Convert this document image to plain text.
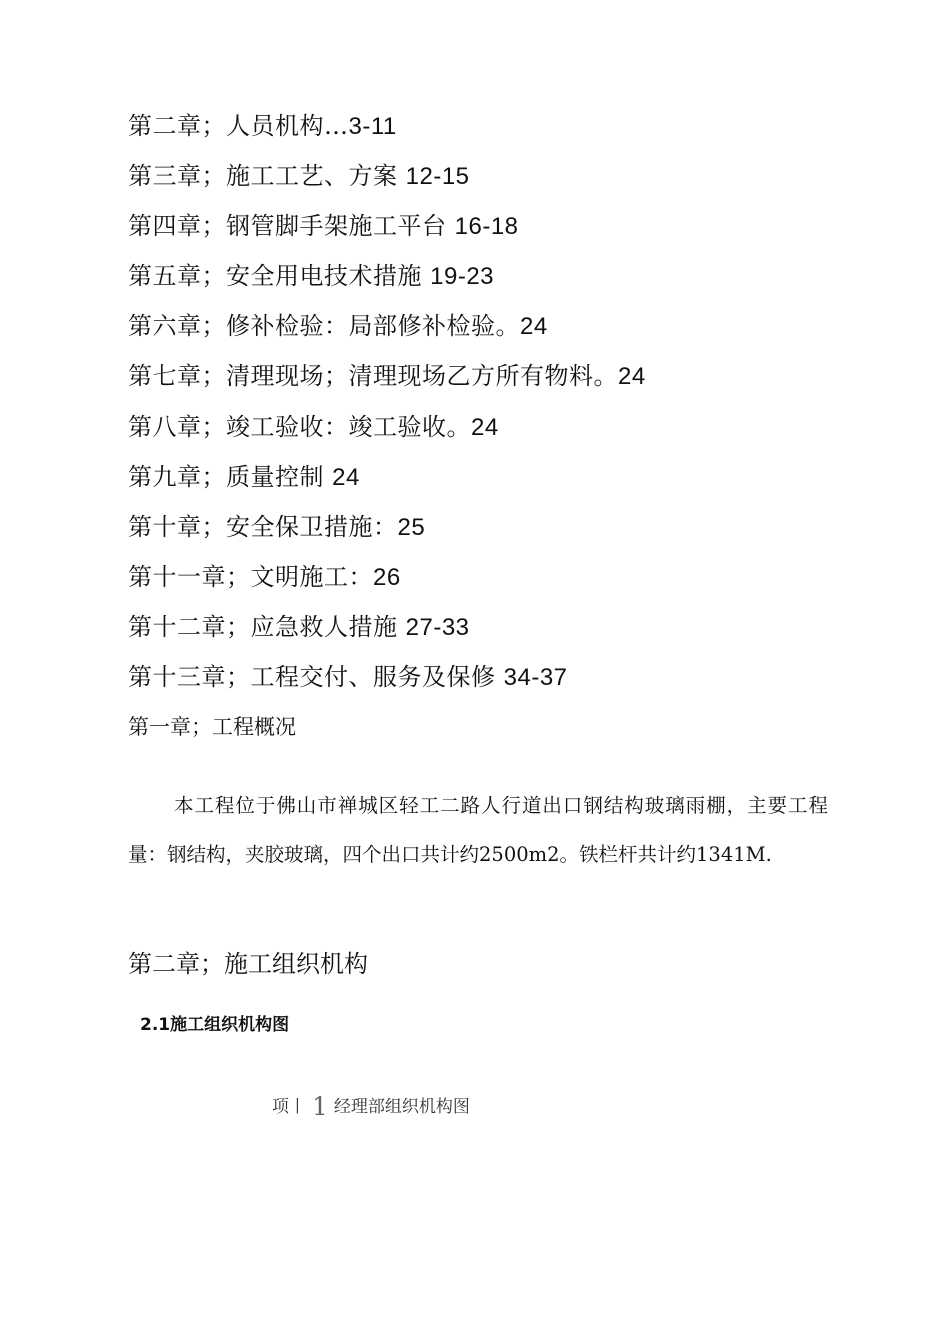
第二章；人员机构…3-11
第三章；施工工艺、方案 12-15
第四章；钢管脚手架施工平台 16-18
第五章；安全用电技术措施 19-23
第六章；修补检验：局部修补检验。24
第七章；清理现场；清理现场乙方所有物料。24
第八章；竣工验收：竣工验收。24
第九章；质量控制 24
第十章；安全保卫措施：25
第十一章；文明施工：26
第十二章；应急救人措施 27-33
第十三章；工程交付、服务及保修 34-37
第一章；工程概况
本工程位于佛山市禅城区轻工二路人行道出口钢结构玻璃雨棚，主要工程量：钢结构，夹胶玻璃，四个出口共计约2500m2。铁栏杆共计约1341M.
第二章；施工组织机构
2.1施工组织机构图
项丨 1 经理部组织机构图
